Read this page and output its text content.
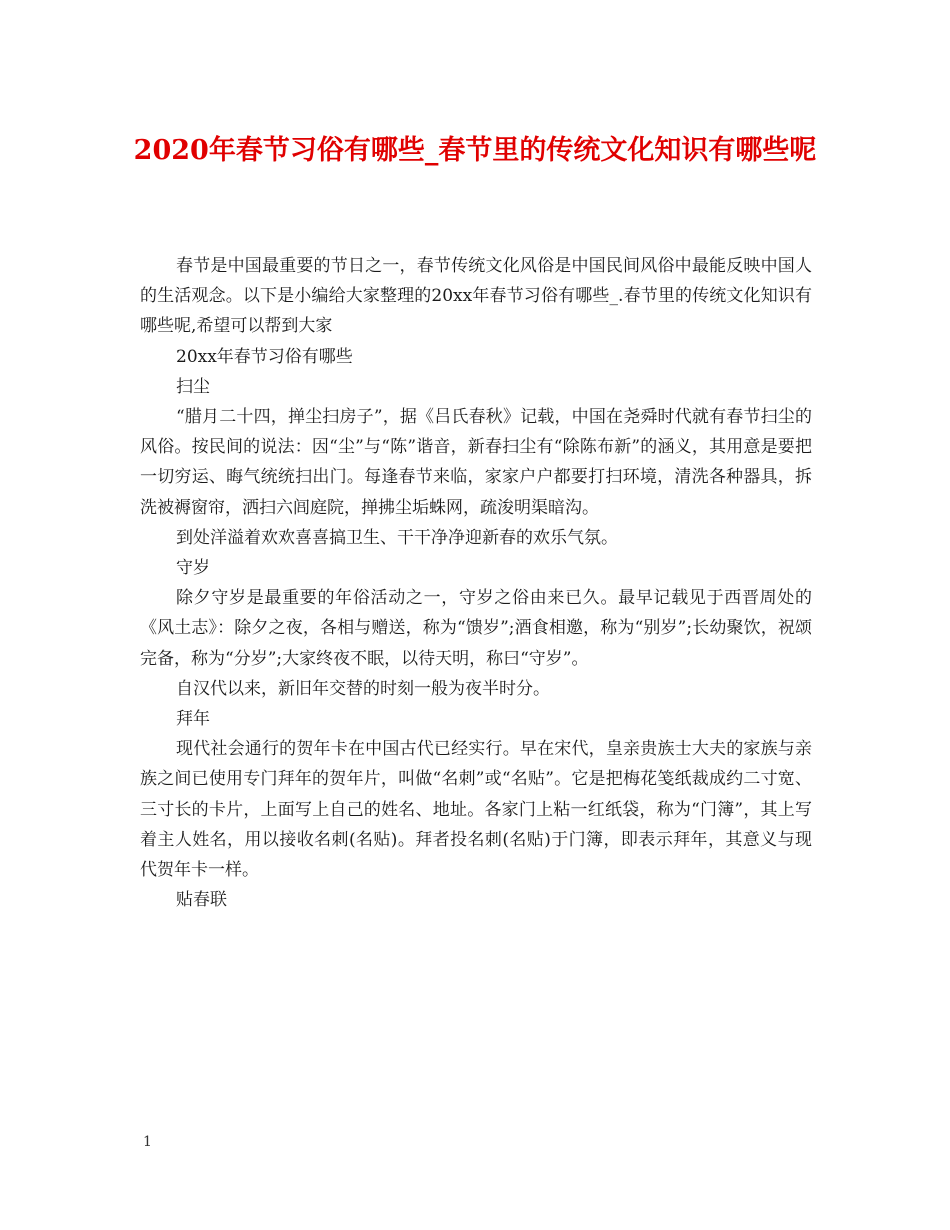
2020年春节习俗有哪些_春节里的传统文化知识有哪些呢

春节是中国最重要的节日之一，春节传统文化风俗是中国民间风俗中最能反映中国人的生活观念。以下是小编给大家整理的20xx年春节习俗有哪些_.春节里的传统文化知识有哪些呢,希望可以帮到大家

20xx年春节习俗有哪些

扫尘

“腊月二十四，掸尘扫房子”，据《吕氏春秋》记载，中国在尧舜时代就有春节扫尘的风俗。按民间的说法：因“尘”与“陈”谐音，新春扫尘有“除陈布新”的涵义，其用意是要把一切穷运、晦气统统扫出门。每逢春节来临，家家户户都要打扫环境，清洗各种器具，拆洗被褥窗帘，洒扫六闾庭院，掸拂尘垢蛛网，疏浚明渠暗沟。

到处洋溢着欢欢喜喜搞卫生、干干净净迎新春的欢乐气氛。

守岁

除夕守岁是最重要的年俗活动之一，守岁之俗由来已久。最早记载见于西晋周处的《风土志》：除夕之夜，各相与赠送，称为“馈岁”;酒食相邀，称为“别岁”;长幼聚饮，祝颂完备，称为“分岁”;大家终夜不眠，以待天明，称曰“守岁”。

自汉代以来，新旧年交替的时刻一般为夜半时分。

拜年

现代社会通行的贺年卡在中国古代已经实行。早在宋代，皇亲贵族士大夫的家族与亲族之间已使用专门拜年的贺年片，叫做“名刺”或“名贴”。它是把梅花笺纸裁成约二寸宽、三寸长的卡片，上面写上自己的姓名、地址。各家门上粘一红纸袋，称为“门簿”，其上写着主人姓名，用以接收名刺(名贴)。拜者投名刺(名贴)于门簿，即表示拜年，其意义与现代贺年卡一样。

贴春联

1
